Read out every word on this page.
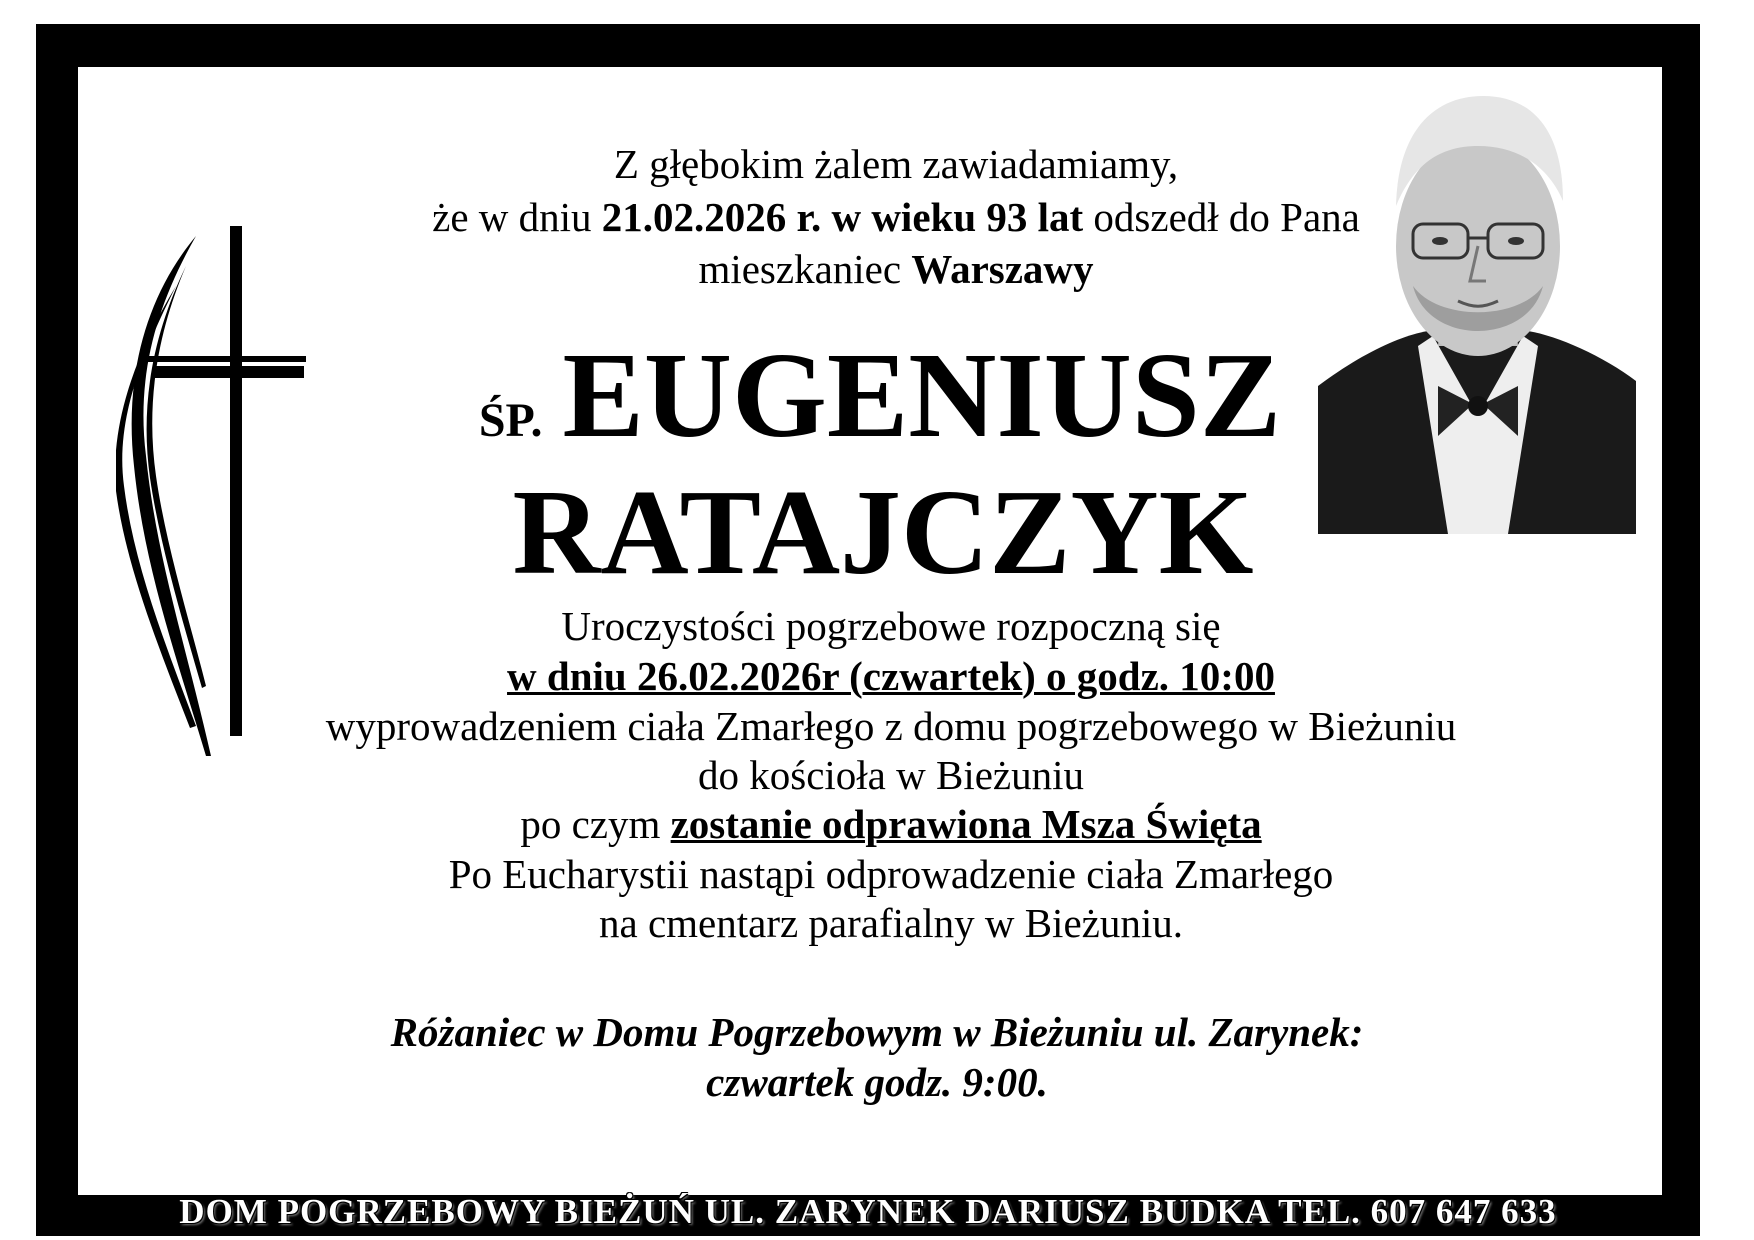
Z głębokim żalem zawiadamiamy,
że w dniu 21.02.2026 r. w wieku 93 lat odszedł do Pana
mieszkaniec Warszawy
ŚP. EUGENIUSZ
RATAJCZYK
Uroczystości pogrzebowe rozpoczną się
w dniu 26.02.2026r (czwartek) o godz. 10:00
wyprowadzeniem ciała Zmarłego z domu pogrzebowego w Bieżuniu
do kościoła w Bieżuniu
po czym zostanie odprawiona Msza Święta
Po Eucharystii nastąpi odprowadzenie ciała Zmarłego
na cmentarz parafialny w Bieżuniu.
Różaniec w Domu Pogrzebowym w Bieżuniu ul. Zarynek:
czwartek godz. 9:00.
DOM POGRZEBOWY BIEŻUŃ UL. ZARYNEK DARIUSZ BUDKA TEL. 607 647 633
